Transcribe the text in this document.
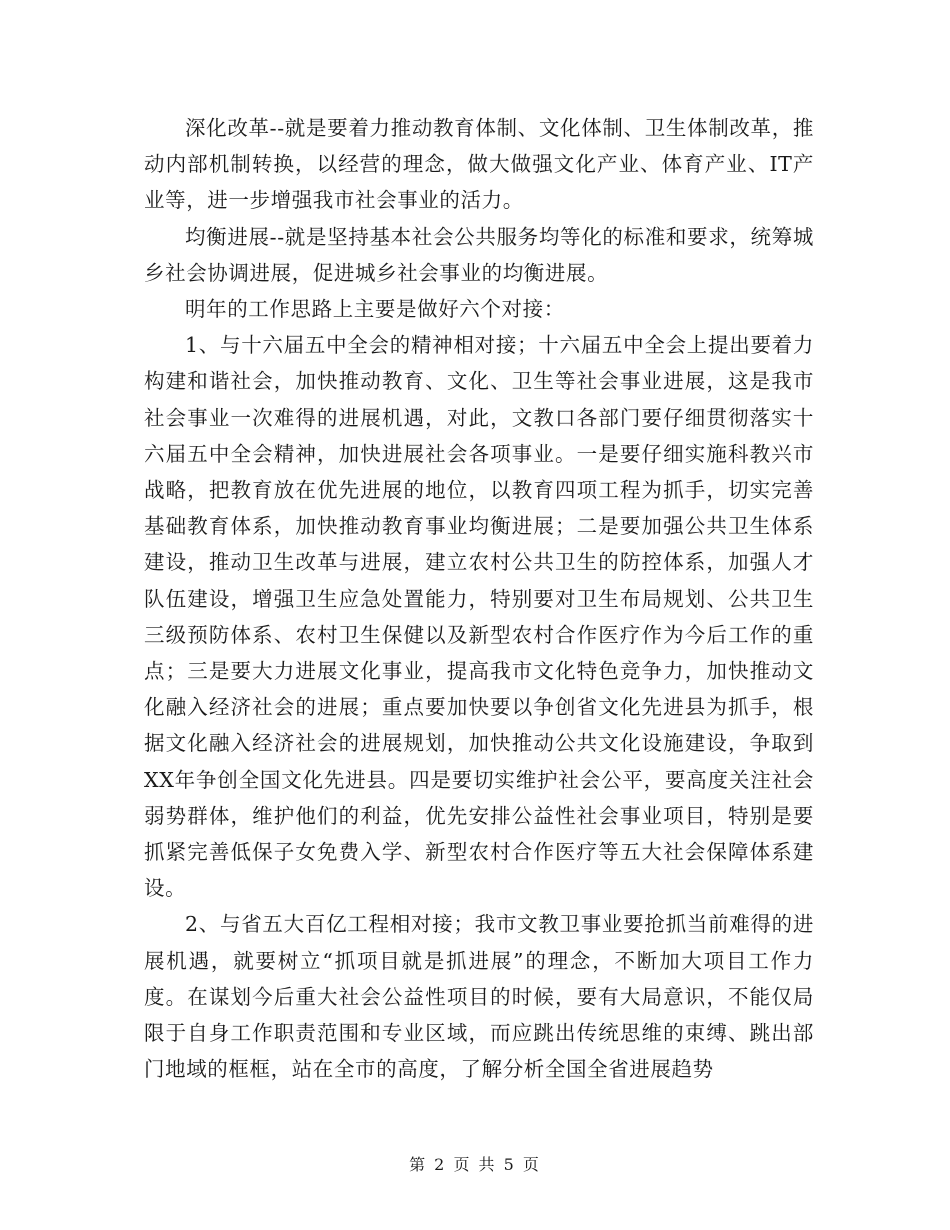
深化改革--就是要着力推动教育体制、文化体制、卫生体制改革，推动内部机制转换，以经营的理念，做大做强文化产业、体育产业、IT产业等，进一步增强我市社会事业的活力。

均衡进展--就是坚持基本社会公共服务均等化的标准和要求，统筹城乡社会协调进展，促进城乡社会事业的均衡进展。

明年的工作思路上主要是做好六个对接：

1、与十六届五中全会的精神相对接；十六届五中全会上提出要着力构建和谐社会，加快推动教育、文化、卫生等社会事业进展，这是我市社会事业一次难得的进展机遇，对此，文教口各部门要仔细贯彻落实十六届五中全会精神，加快进展社会各项事业。一是要仔细实施科教兴市战略，把教育放在优先进展的地位，以教育四项工程为抓手，切实完善基础教育体系，加快推动教育事业均衡进展；二是要加强公共卫生体系建设，推动卫生改革与进展，建立农村公共卫生的防控体系，加强人才队伍建设，增强卫生应急处置能力，特别要对卫生布局规划、公共卫生三级预防体系、农村卫生保健以及新型农村合作医疗作为今后工作的重点；三是要大力进展文化事业，提高我市文化特色竞争力，加快推动文化融入经济社会的进展；重点要加快要以争创省文化先进县为抓手，根据文化融入经济社会的进展规划，加快推动公共文化设施建设，争取到XX年争创全国文化先进县。四是要切实维护社会公平，要高度关注社会弱势群体，维护他们的利益，优先安排公益性社会事业项目，特别是要抓紧完善低保子女免费入学、新型农村合作医疗等五大社会保障体系建设。

2、与省五大百亿工程相对接；我市文教卫事业要抢抓当前难得的进展机遇，就要树立“抓项目就是抓进展”的理念，不断加大项目工作力度。在谋划今后重大社会公益性项目的时候，要有大局意识，不能仅局限于自身工作职责范围和专业区域，而应跳出传统思维的束缚、跳出部门地域的框框，站在全市的高度，了解分析全国全省进展趋势

第 2 页 共 5 页
